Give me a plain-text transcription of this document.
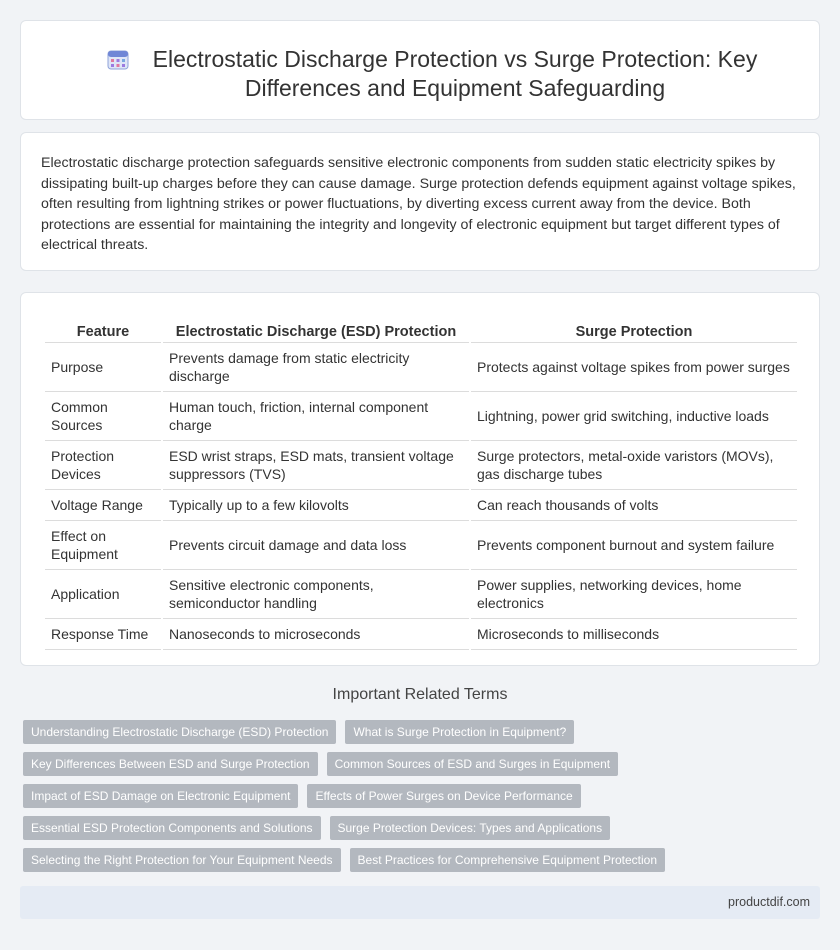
Electrostatic Discharge Protection vs Surge Protection: Key Differences and Equipment Safeguarding

Electrostatic discharge protection safeguards sensitive electronic components from sudden static electricity spikes by dissipating built-up charges before they can cause damage. Surge protection defends equipment against voltage spikes, often resulting from lightning strikes or power fluctuations, by diverting excess current away from the device. Both protections are essential for maintaining the integrity and longevity of electronic equipment but target different types of electrical threats.

Feature	Electrostatic Discharge (ESD) Protection	Surge Protection
Purpose	Prevents damage from static electricity discharge	Protects against voltage spikes from power surges
Common Sources	Human touch, friction, internal component charge	Lightning, power grid switching, inductive loads
Protection Devices	ESD wrist straps, ESD mats, transient voltage suppressors (TVS)	Surge protectors, metal-oxide varistors (MOVs), gas discharge tubes
Voltage Range	Typically up to a few kilovolts	Can reach thousands of volts
Effect on Equipment	Prevents circuit damage and data loss	Prevents component burnout and system failure
Application	Sensitive electronic components, semiconductor handling	Power supplies, networking devices, home electronics
Response Time	Nanoseconds to microseconds	Microseconds to milliseconds
Important Related Terms
Understanding Electrostatic Discharge (ESD) Protection	What is Surge Protection in Equipment?
Key Differences Between ESD and Surge Protection	Common Sources of ESD and Surges in Equipment
Impact of ESD Damage on Electronic Equipment	Effects of Power Surges on Device Performance
Essential ESD Protection Components and Solutions	Surge Protection Devices: Types and Applications
Selecting the Right Protection for Your Equipment Needs	Best Practices for Comprehensive Equipment Protection
productdif.com
